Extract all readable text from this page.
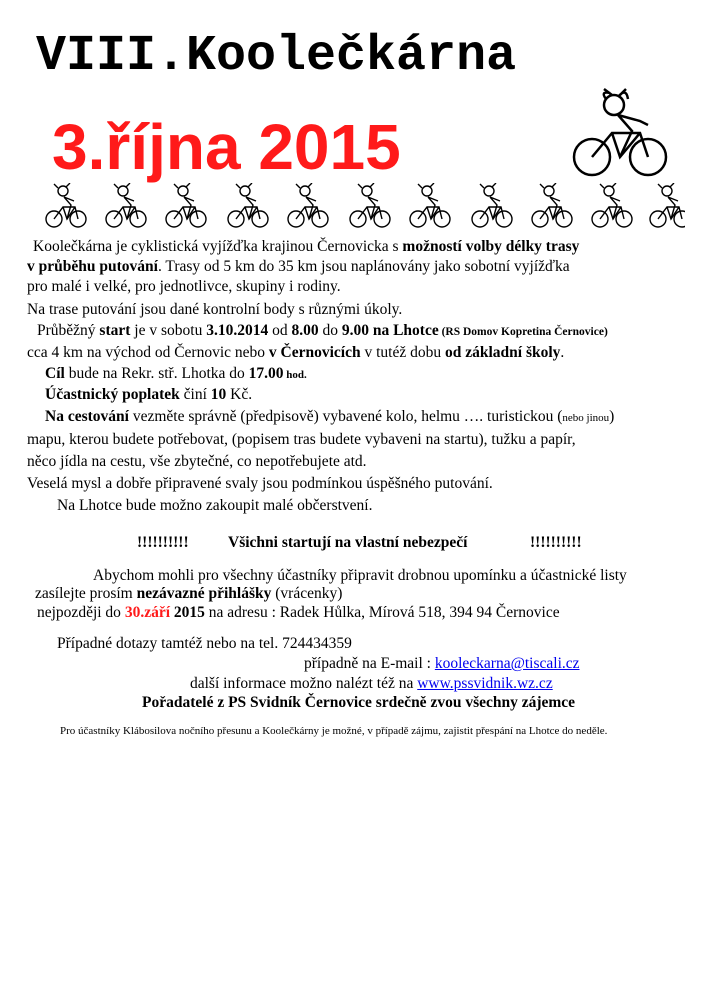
VIII.Koolečkárna
3.října 2015
Koolečkárna je cyklistická vyjížďka krajinou Černovicka s možností volby délky trasy
v průběhu putování. Trasy od 5 km do 35 km jsou naplánovány jako sobotní vyjížďka
pro malé i velké, pro jednotlivce, skupiny i rodiny.
Na trase putování jsou dané kontrolní body s různými úkoly.
Průběžný start je v sobotu 3.10.2014 od 8.00 do 9.00 na Lhotce (RS Domov Kopretina Černovice)
cca 4 km na východ od Černovic nebo v Černovicích v tutéž dobu od základní školy.
Cíl bude na Rekr. stř. Lhotka do 17.00 hod.
Účastnický poplatek činí 10 Kč.
Na cestování vezměte správně (předpisově) vybavené kolo, helmu …. turistickou (nebo jinou)
mapu, kterou budete potřebovat, (popisem tras budete vybaveni na startu), tužku a papír,
něco jídla na cestu, vše zbytečné, co nepotřebujete atd.
Veselá mysl a dobře připravené svaly jsou podmínkou úspěšného putování.
Na Lhotce bude možno zakoupit malé občerstvení.
!!!!!!!!!!	Všichni startují na vlastní nebezpečí	!!!!!!!!!!
Abychom mohli pro všechny účastníky připravit drobnou upomínku a účastnické listy
zasílejte prosím nezávazné přihlášky (vrácenky)
nejpozději do 30.září 2015 na adresu : Radek Hůlka, Mírová 518, 394 94 Černovice
Případné dotazy tamtéž nebo na tel. 724434359
případně na E-mail : kooleckarna@tiscali.cz
další informace možno nalézt též na www.pssvidnik.wz.cz
Pořadatelé z PS Svidník Černovice srdečně zvou všechny zájemce
Pro účastníky Klábosilova nočního přesunu a Koolečkárny je možné, v případě zájmu, zajistit přespání na Lhotce do neděle.
